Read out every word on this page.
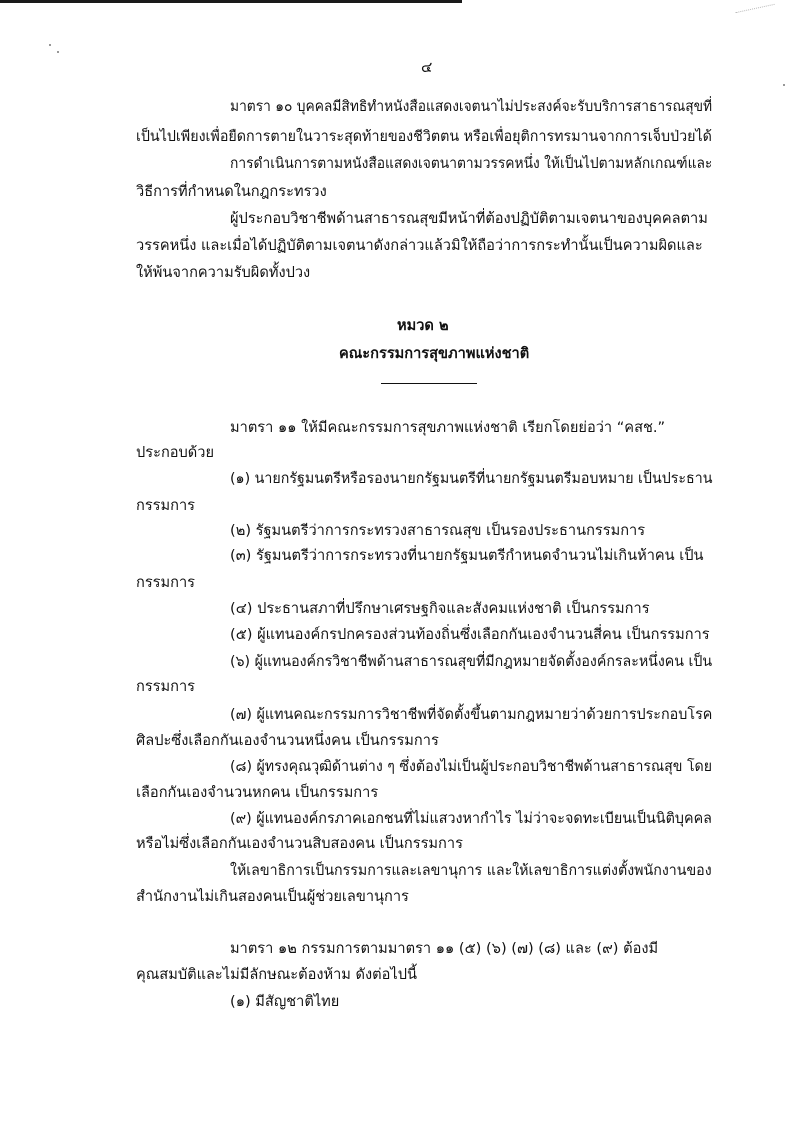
๔
มาตรา ๑๐ บุคคลมีสิทธิทำหนังสือแสดงเจตนาไม่ประสงค์จะรับบริการสาธารณสุขที่
เป็นไปเพียงเพื่อยืดการตายในวาระสุดท้ายของชีวิตตน หรือเพื่อยุติการทรมานจากการเจ็บป่วยได้
การดำเนินการตามหนังสือแสดงเจตนาตามวรรคหนึ่ง ให้เป็นไปตามหลักเกณฑ์และ
วิธีการที่กำหนดในกฎกระทรวง
ผู้ประกอบวิชาชีพด้านสาธารณสุขมีหน้าที่ต้องปฏิบัติตามเจตนาของบุคคลตาม
วรรคหนึ่ง และเมื่อได้ปฏิบัติตามเจตนาดังกล่าวแล้วมิให้ถือว่าการกระทำนั้นเป็นความผิดและ
ให้พ้นจากความรับผิดทั้งปวง
หมวด ๒
คณะกรรมการสุขภาพแห่งชาติ
มาตรา ๑๑ ให้มีคณะกรรมการสุขภาพแห่งชาติ เรียกโดยย่อว่า “คสช.”
ประกอบด้วย
(๑) นายกรัฐมนตรีหรือรองนายกรัฐมนตรีที่นายกรัฐมนตรีมอบหมาย เป็นประธาน
กรรมการ
(๒) รัฐมนตรีว่าการกระทรวงสาธารณสุข เป็นรองประธานกรรมการ
(๓) รัฐมนตรีว่าการกระทรวงที่นายกรัฐมนตรีกำหนดจำนวนไม่เกินห้าคน เป็น
กรรมการ
(๔) ประธานสภาที่ปรึกษาเศรษฐกิจและสังคมแห่งชาติ เป็นกรรมการ
(๕) ผู้แทนองค์กรปกครองส่วนท้องถิ่นซึ่งเลือกกันเองจำนวนสี่คน เป็นกรรมการ
(๖) ผู้แทนองค์กรวิชาชีพด้านสาธารณสุขที่มีกฎหมายจัดตั้งองค์กรละหนึ่งคน เป็น
กรรมการ
(๗) ผู้แทนคณะกรรมการวิชาชีพที่จัดตั้งขึ้นตามกฎหมายว่าด้วยการประกอบโรค
ศิลปะซึ่งเลือกกันเองจำนวนหนึ่งคน เป็นกรรมการ
(๘) ผู้ทรงคุณวุฒิด้านต่าง ๆ ซึ่งต้องไม่เป็นผู้ประกอบวิชาชีพด้านสาธารณสุข โดย
เลือกกันเองจำนวนหกคน เป็นกรรมการ
(๙) ผู้แทนองค์กรภาคเอกชนที่ไม่แสวงหากำไร ไม่ว่าจะจดทะเบียนเป็นนิติบุคคล
หรือไม่ซึ่งเลือกกันเองจำนวนสิบสองคน เป็นกรรมการ
ให้เลขาธิการเป็นกรรมการและเลขานุการ และให้เลขาธิการแต่งตั้งพนักงานของ
สำนักงานไม่เกินสองคนเป็นผู้ช่วยเลขานุการ
มาตรา ๑๒ กรรมการตามมาตรา ๑๑ (๕) (๖) (๗) (๘) และ (๙) ต้องมี
คุณสมบัติและไม่มีลักษณะต้องห้าม ดังต่อไปนี้
(๑) มีสัญชาติไทย
